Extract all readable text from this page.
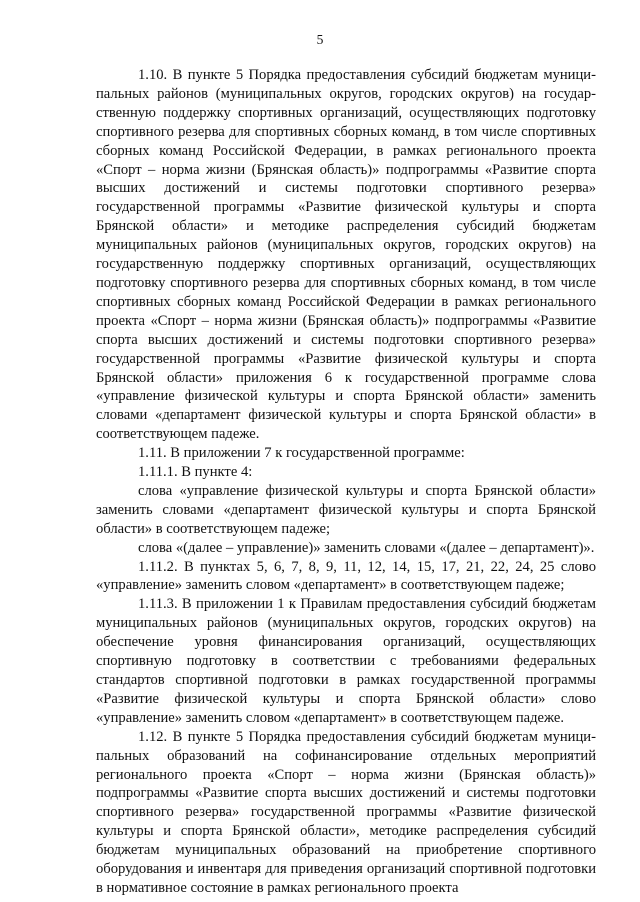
5

1.10. В пункте 5 Порядка предоставления субсидий бюджетам муниципальных районов (муниципальных округов, городских округов) на государственную поддержку спортивных организаций, осуществляющих подготовку спортивного резерва для спортивных сборных команд, в том числе спортивных сборных команд Российской Федерации, в рамках регионального проекта «Спорт – норма жизни (Брянская область)» подпрограммы «Развитие спорта высших достижений и системы подготовки спортивного резерва» государственной программы «Развитие физической культуры и спорта Брянской области» и методике распределения субсидий бюджетам муниципальных районов (муниципальных округов, городских округов) на государственную поддержку спортивных организаций, осуществляющих подготовку спортивного резерва для спортивных сборных команд, в том числе спортивных сборных команд Российской Федерации в рамках регионального проекта «Спорт – норма жизни (Брянская область)» подпрограммы «Развитие спорта высших достижений и системы подготовки спортивного резерва» государственной программы «Развитие физической культуры и спорта Брянской области» приложения 6 к государственной программе слова «управление физической культуры и спорта Брянской области» заменить словами «департамент физической культуры и спорта Брянской области» в соответствующем падеже.

1.11. В приложении 7 к государственной программе:

1.11.1. В пункте 4:

слова «управление физической культуры и спорта Брянской области» заменить словами «департамент физической культуры и спорта Брянской области» в соответствующем падеже;

слова «(далее – управление)» заменить словами «(далее – департамент)».

1.11.2. В пунктах 5, 6, 7, 8, 9, 11, 12, 14, 15, 17, 21, 22, 24, 25 слово «управление» заменить словом «департамент» в соответствующем падеже;

1.11.3. В приложении 1 к Правилам предоставления субсидий бюджетам муниципальных районов (муниципальных округов, городских округов) на обеспечение уровня финансирования организаций, осуществляющих спортивную подготовку в соответствии с требованиями федеральных стандартов спортивной подготовки в рамках государственной программы «Развитие физической культуры и спорта Брянской области» слово «управление» заменить словом «департамент» в соответствующем падеже.

1.12. В пункте 5 Порядка предоставления субсидий бюджетам муниципальных образований на софинансирование отдельных мероприятий регионального проекта «Спорт – норма жизни (Брянская область)» подпрограммы «Развитие спорта высших достижений и системы подготовки спортивного резерва» государственной программы «Развитие физической культуры и спорта Брянской области», методике распределения субсидий бюджетам муниципальных образований на приобретение спортивного оборудования и инвентаря для приведения организаций спортивной подготовки в нормативное состояние в рамках регионального проекта
